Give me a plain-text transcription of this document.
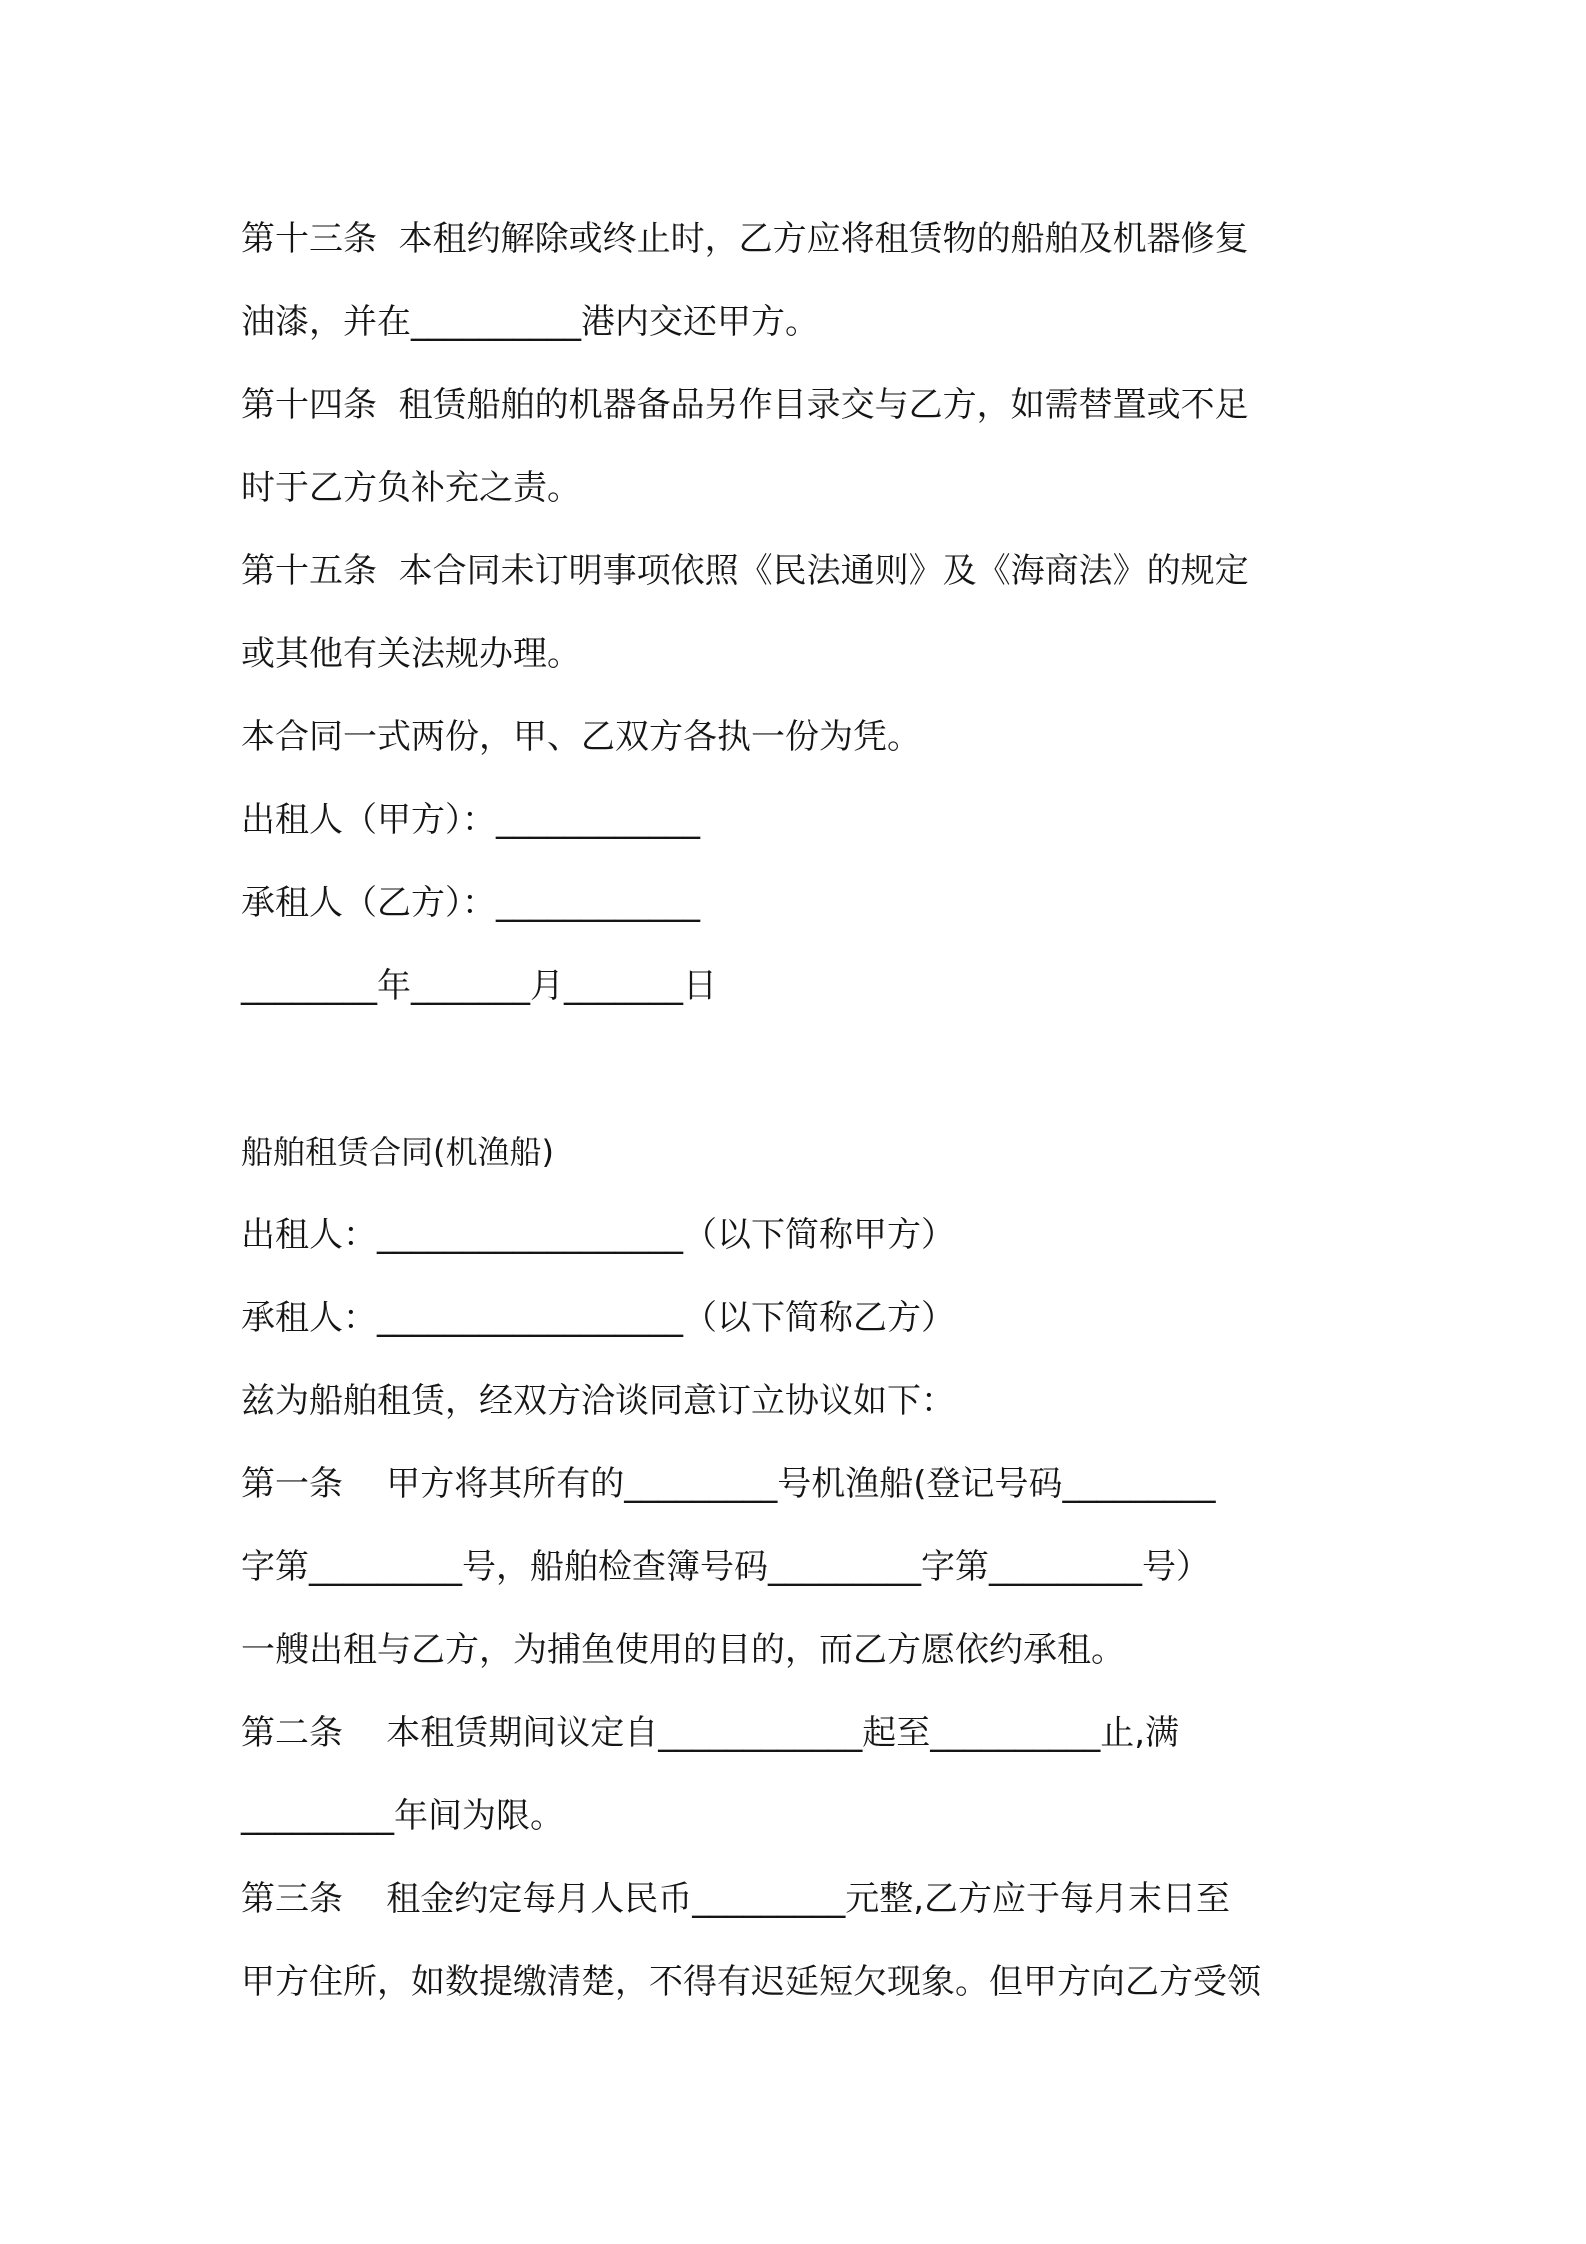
第十三条  本租约解除或终止时，乙方应将租赁物的船舶及机器修复
油漆，并在__________港内交还甲方。
第十四条  租赁船舶的机器备品另作目录交与乙方，如需替置或不足
时于乙方负补充之责。
第十五条  本合同未订明事项依照《民法通则》及《海商法》的规定
或其他有关法规办理。
本合同一式两份，甲、乙双方各执一份为凭。
出租人（甲方）：____________
承租人（乙方）：____________
________年_______月_______日
船舶租赁合同(机渔船)
出租人：__________________（以下简称甲方）
承租人：__________________（以下简称乙方）
兹为船舶租赁，经双方洽谈同意订立协议如下：
第一条    甲方将其所有的_________号机渔船(登记号码_________
字第_________号，船舶检查簿号码_________字第_________号）
一艘出租与乙方，为捕鱼使用的目的，而乙方愿依约承租。
第二条    本租赁期间议定自____________起至__________止,满
_________年间为限。
第三条    租金约定每月人民币_________元整,乙方应于每月末日至
甲方住所，如数提缴清楚，不得有迟延短欠现象。但甲方向乙方受领
